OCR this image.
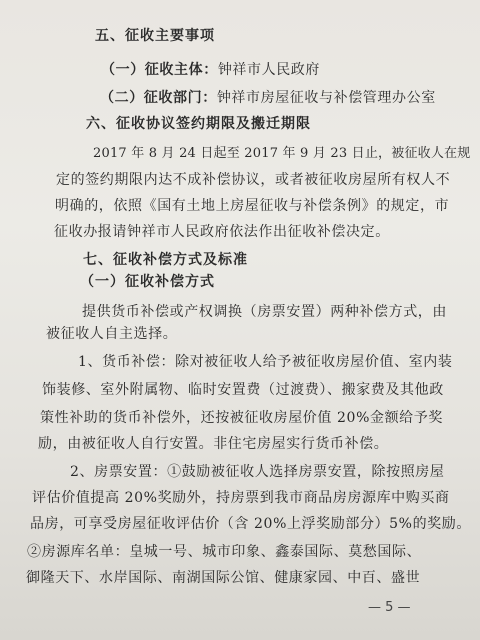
五、征收主要事项
（一）征收主体：钟祥市人民政府
（二）征收部门：钟祥市房屋征收与补偿管理办公室
六、征收协议签约期限及搬迁期限
2017 年 8 月 24 日起至 2017 年 9 月 23 日止，被征收人在规
定的签约期限内达不成补偿协议，或者被征收房屋所有权人不
明确的，依照《国有土地上房屋征收与补偿条例》的规定，市
征收办报请钟祥市人民政府依法作出征收补偿决定。
七、征收补偿方式及标准
（一）征收补偿方式
提供货币补偿或产权调换（房票安置）两种补偿方式，由
被征收人自主选择。
1、货币补偿：除对被征收人给予被征收房屋价值、室内装
饰装修、室外附属物、临时安置费（过渡费）、搬家费及其他政
策性补助的货币补偿外，还按被征收房屋价值 20%金额给予奖
励，由被征收人自行安置。非住宅房屋实行货币补偿。
2、房票安置：①鼓励被征收人选择房票安置，除按照房屋
评估价值提高 20%奖励外，持房票到我市商品房房源库中购买商
品房，可享受房屋征收评估价（含 20%上浮奖励部分）5%的奖励。
②房源库名单：皇城一号、城市印象、鑫泰国际、莫愁国际、
御隆天下、水岸国际、南湖国际公馆、健康家园、中百、盛世
— 5 —
